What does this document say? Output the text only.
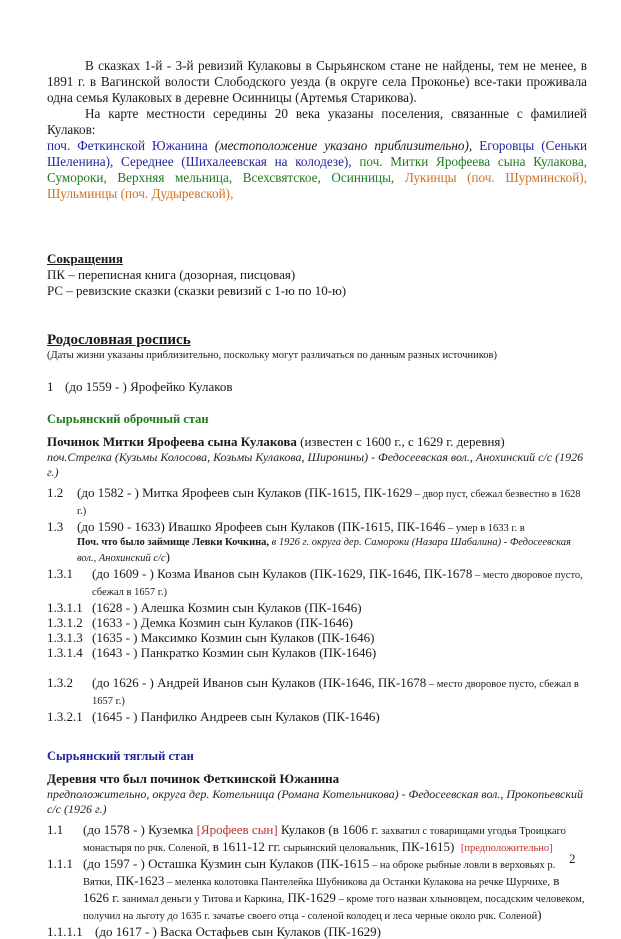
В сказках 1-й - 3-й ревизий Кулаковы в Сырьянском стане не найдены, тем не менее, в 1891 г. в Вагинской волости Слободского уезда (в округе села Проконье) все-таки проживала одна семья Кулаковых в деревне Осинницы (Артемья Старикова).

На карте местности середины 20 века указаны поселения, связанные с фамилией Кулаков:

поч. Феткинской Южанина (местоположение указано приблизительно), Егоровцы (Сеньки Шеленина), Середнее (Шихалеевская на колодезе), поч. Митки Ярофеева сына Кулакова, Сумороки, Верхняя мельница, Всехсвятское, Осинницы, Лукинцы (поч. Шурминской), Шульминцы (поч. Дудыревской),

Сокращения

ПК – переписная книга (дозорная, писцовая)

РС – ревизские сказки (сказки ревизий с 1-ю по 10-ю)

Родословная роспись

(Даты жизни указаны приблизительно, поскольку могут различаться по данным разных источников)

1 (до 1559 - ) Ярофейко Кулаков

Сырьянский оброчный стан

Починок Митки Ярофеева сына Кулакова (известен с 1600 г., с 1629 г. деревня)

поч.Стрелка (Кузьмы Колосова, Козьмы Кулакова, Широнины) - Федосеевская вол., Анохинский с/с (1926 г.)

1.2	(до 1582 - ) Митка Ярофеев сын Кулаков (ПК-1615, ПК-1629 – двор пуст, сбежал безвестно в 1628 г.)
1.3	(до 1590 - 1633) Ивашко Ярофеев сын Кулаков (ПК-1615, ПК-1646 – умер в 1633 г. в
Поч. что было займище Левки Кочкина, в 1926 г. округа дер. Самороки (Назара Шабалина) - Федосеевская вол., Анохинский с/с)
1.3.1	(до 1609 - ) Козма Иванов сын Кулаков (ПК-1629, ПК-1646, ПК-1678 – место дворовое пусто, сбежал в 1657 г.)
1.3.1.1 (1628 - ) Алешка Козмин сын Кулаков (ПК-1646)
1.3.1.2 (1633 - ) Демка Козмин сын Кулаков (ПК-1646)
1.3.1.3 (1635 - ) Максимко Козмин сын Кулаков (ПК-1646)
1.3.1.4 (1643 - ) Панкратко Козмин сын Кулаков (ПК-1646)
1.3.2	(до 1626 - ) Андрей Иванов сын Кулаков (ПК-1646, ПК-1678 – место дворовое пусто, сбежал в 1657 г.)
1.3.2.1 (1645 - ) Панфилко Андреев сын Кулаков (ПК-1646)

Сырьянский тяглый стан

Деревня что был починок Феткинской Южанина

предположительно, округа дер. Котельница (Романа Котельникова) - Федосеевская вол., Прокопьевский с/с (1926 г.)

1.1	(до 1578 - ) Куземка [Ярофеев сын] Кулаков (в 1606 г. захватил с товарищами угодья Троицкаго монастыря по рчк. Соленой, в 1611-12 гг. сырьянский целовальник, ПК-1615) [предположительно]
1.1.1 (до 1597 - ) Осташка Кузмин сын Кулаков (ПК-1615 – на оброке рыбные ловли в верховьях р. Вятки, ПК-1623 – меленка колотовка Пантелейка Шубникова да Останки Кулакова на речке Шурчихе, в 1626 г. занимал деньги у Титова и Каркина, ПК-1629 – кроме того назван хлыновцем, посадским человеком, получил на льготу до 1635 г. зачатье своего отца - соленой колодец и леса черные около рчк. Соленой)
1.1.1.1 (до 1617 - ) Васка Остафьев сын Кулаков (ПК-1629)
2
